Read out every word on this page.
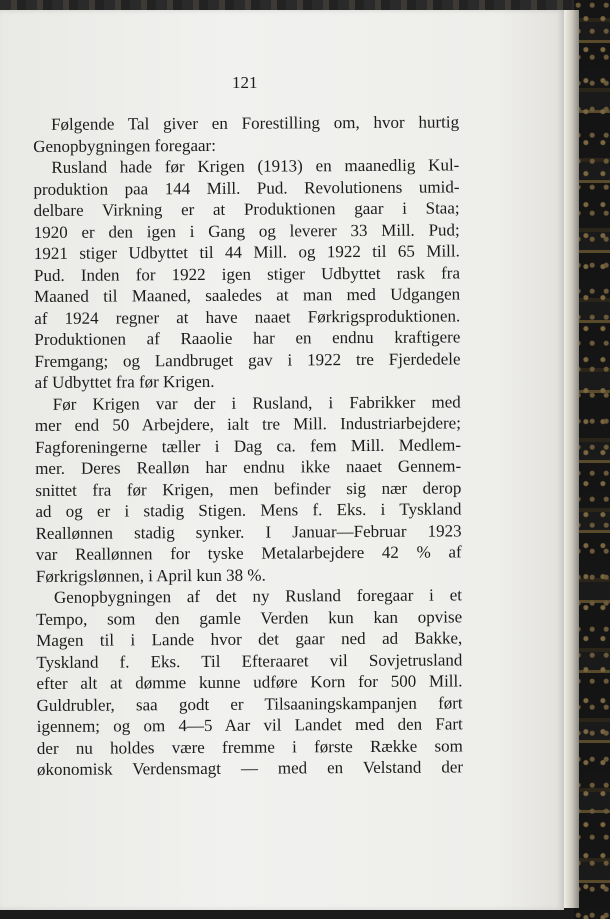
121
Følgende Tal giver en Forestilling om, hvor hurtig
Genopbygningen foregaar:
Rusland hade før Krigen (1913) en maanedlig Kul-
produktion paa 144 Mill. Pud. Revolutionens umid-
delbare Virkning er at Produktionen gaar i Staa;
1920 er den igen i Gang og leverer 33 Mill. Pud;
1921 stiger Udbyttet til 44 Mill. og 1922 til 65 Mill.
Pud. Inden for 1922 igen stiger Udbyttet rask fra
Maaned til Maaned, saaledes at man med Udgangen
af 1924 regner at have naaet Førkrigsproduktionen.
Produktionen af Raaolie har en endnu kraftigere
Fremgang; og Landbruget gav i 1922 tre Fjerdedele
af Udbyttet fra før Krigen.
Før Krigen var der i Rusland, i Fabrikker med
mer end 50 Arbejdere, ialt tre Mill. Industriarbejdere;
Fagforeningerne tæller i Dag ca. fem Mill. Medlem-
mer. Deres Realløn har endnu ikke naaet Gennem-
snittet fra før Krigen, men befinder sig nær derop
ad og er i stadig Stigen. Mens f. Eks. i Tyskland
Reallønnen stadig synker. I Januar—Februar 1923
var Reallønnen for tyske Metalarbejdere 42 % af
Førkrigslønnen, i April kun 38 %.
Genopbygningen af det ny Rusland foregaar i et
Tempo, som den gamle Verden kun kan opvise
Magen til i Lande hvor det gaar ned ad Bakke,
Tyskland f. Eks. Til Efteraaret vil Sovjetrusland
efter alt at dømme kunne udføre Korn for 500 Mill.
Guldrubler, saa godt er Tilsaaningskampanjen ført
igennem; og om 4—5 Aar vil Landet med den Fart
der nu holdes være fremme i første Række som
økonomisk Verdensmagt — med en Velstand der
